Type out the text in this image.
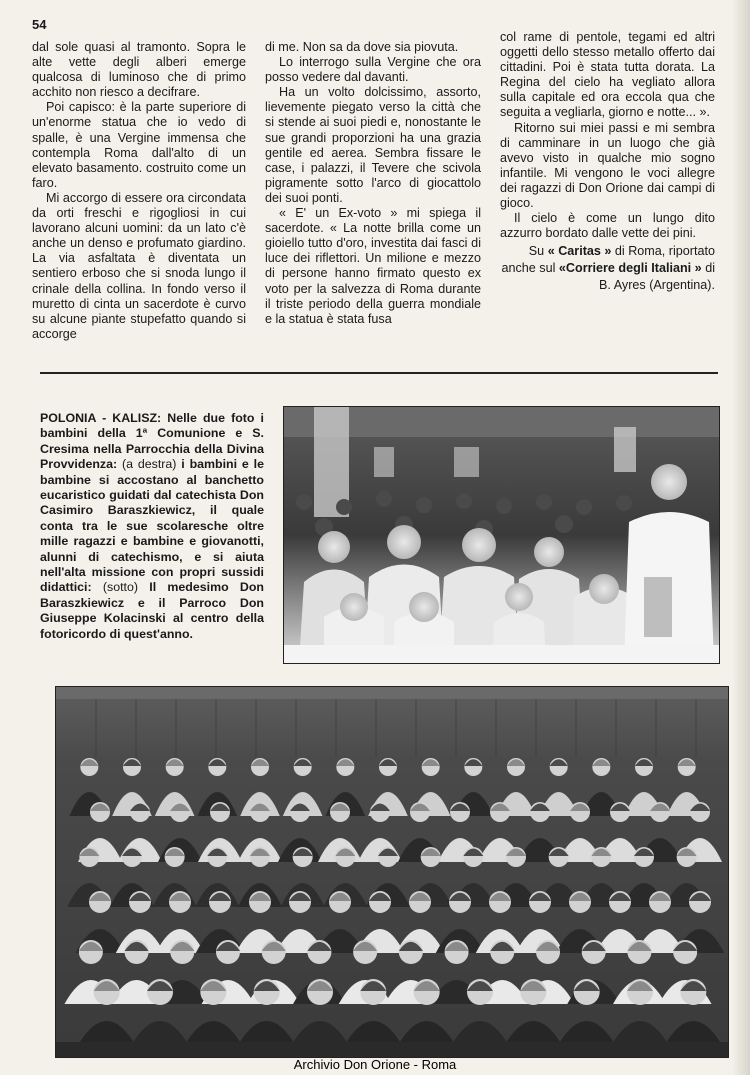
54

dal sole quasi al tramonto. Sopra le alte vette degli alberi emerge qualcosa di luminoso che di primo acchito non riesco a decifrare.

Poi capisco: è la parte superiore di un'enorme statua che io vedo di spalle, è una Vergine immensa che contempla Roma dall'alto di un elevato basamento. costruito come un faro.

Mi accorgo di essere ora circondata da orti freschi e rigogliosi in cui lavorano alcuni uomini: da un lato c'è anche un denso e profumato giardino. La via asfaltata è diventata un sentiero erboso che si snoda lungo il crinale della collina. In fondo verso il muretto di cinta un sacerdote è curvo su alcune piante stupefatto quando si accorge

di me. Non sa da dove sia piovuta.

Lo interrogo sulla Vergine che ora posso vedere dal davanti.

Ha un volto dolcissimo, assorto, lievemente piegato verso la città che si stende ai suoi piedi e, nonostante le sue grandi proporzioni ha una grazia gentile ed aerea. Sembra fissare le case, i palazzi, il Tevere che scivola pigramente sotto l'arco di giocattolo dei suoi ponti.

« E' un Ex-voto » mi spiega il sacerdote. « La notte brilla come un gioiello tutto d'oro, investita dai fasci di luce dei riflettori. Un milione e mezzo di persone hanno firmato questo ex voto per la salvezza di Roma durante il triste periodo della guerra mondiale e la statua è stata fusa

col rame di pentole, tegami ed altri oggetti dello stesso metallo offerto dai cittadini. Poi è stata tutta dorata. La Regina del cielo ha vegliato allora sulla capitale ed ora eccola qua che seguita a vegliarla, giorno e notte... ».

Ritorno sui miei passi e mi sembra di camminare in un luogo che già avevo visto in qualche mio sogno infantile. Mi vengono le voci allegre dei ragazzi di Don Orione dai campi di gioco.

Il cielo è come un lungo dito azzurro bordato dalle vette dei pini.

Su « Caritas » di Roma, riportato anche sul «Corriere degli Italiani » di B. Ayres (Argentina).
POLONIA - KALISZ: Nelle due foto i bambini della 1ª Comunione e S. Cresima nella Parrocchia della Divina Provvidenza: (a destra) i bambini e le bambine si accostano al banchetto eucaristico guidati dal catechista Don Casimiro Baraszkiewicz, il quale conta tra le sue scolaresche oltre mille ragazzi e bambine e giovanotti, alunni di catechismo, e si aiuta nell'alta missione con propri sussidi didattici: (sotto) Il medesimo Don Baraszkiewicz e il Parroco Don Giuseppe Kolacinski al centro della fotoricordo di quest'anno.
Archivio Don Orione - Roma
